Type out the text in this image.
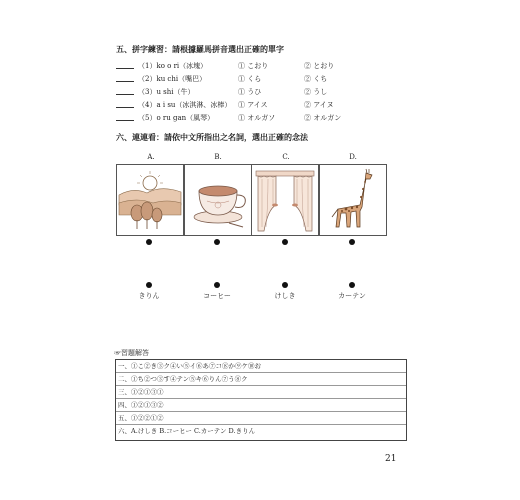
五、拼字練習：請根據羅馬拼音選出正確的單字
（1）ko o ri（冰塊）	① こおり	② とおり
（2）ku chi（嘴巴）	① くら	② くち
（3）u shi（牛）	① うひ	② うし
（4）a i su（冰淇淋、冰棒） ① アイス	② アイヌ
（5）o ru gan（風琴）	① オルガソ	② オルガン
六、連連看：請依中文所指出之名詞，選出正確的念法
A.	B.	C.	D.
きりん	コーヒー	けしき	カーテン
☞習題解答
一、①こ②き③ク④い⑤イ⑥あ⑦コ⑧か⑨ケ⑩お
二、①ち②つ③す④テン⑤キ⑥りん⑦う⑧ク
三、①②①③①
四、①②①③②
五、①②②①②
六、A.けしき B.コーヒー C.カーテン D.きりん
21
